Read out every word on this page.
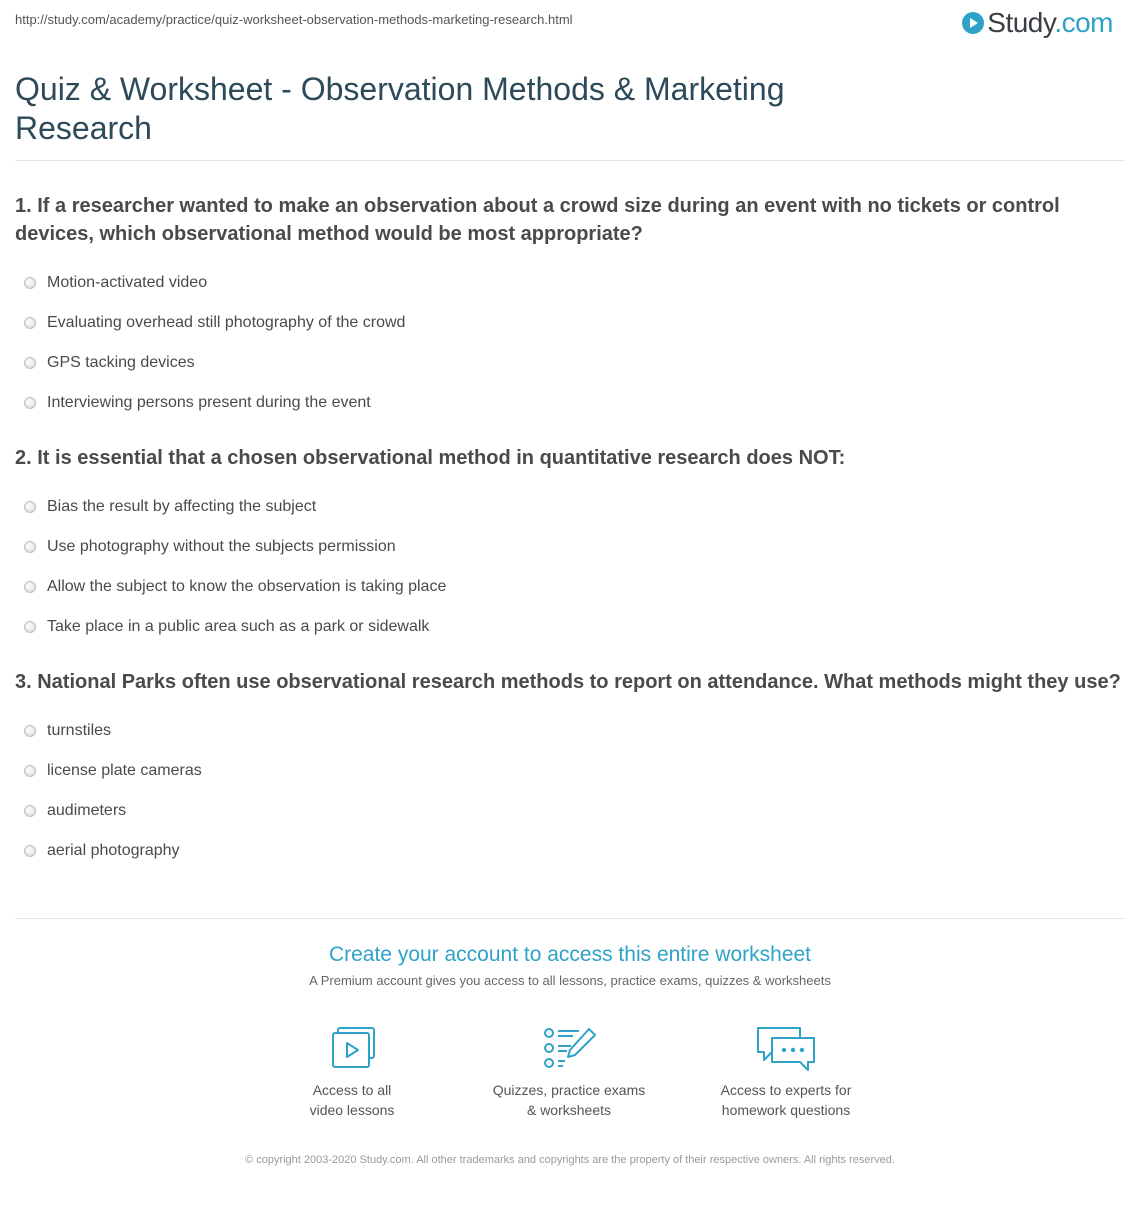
http://study.com/academy/practice/quiz-worksheet-observation-methods-marketing-research.html	Study.com
Quiz & Worksheet - Observation Methods & Marketing Research
1. If a researcher wanted to make an observation about a crowd size during an event with no tickets or control devices, which observational method would be most appropriate?
Motion-activated video
Evaluating overhead still photography of the crowd
GPS tacking devices
Interviewing persons present during the event
2. It is essential that a chosen observational method in quantitative research does NOT:
Bias the result by affecting the subject
Use photography without the subjects permission
Allow the subject to know the observation is taking place
Take place in a public area such as a park or sidewalk
3. National Parks often use observational research methods to report on attendance. What methods might they use?
turnstiles
license plate cameras
audimeters
aerial photography
Create your account to access this entire worksheet
A Premium account gives you access to all lessons, practice exams, quizzes & worksheets
Access to all
video lessons
Quizzes, practice exams
& worksheets
Access to experts for
homework questions
© copyright 2003-2020 Study.com. All other trademarks and copyrights are the property of their respective owners. All rights reserved.
